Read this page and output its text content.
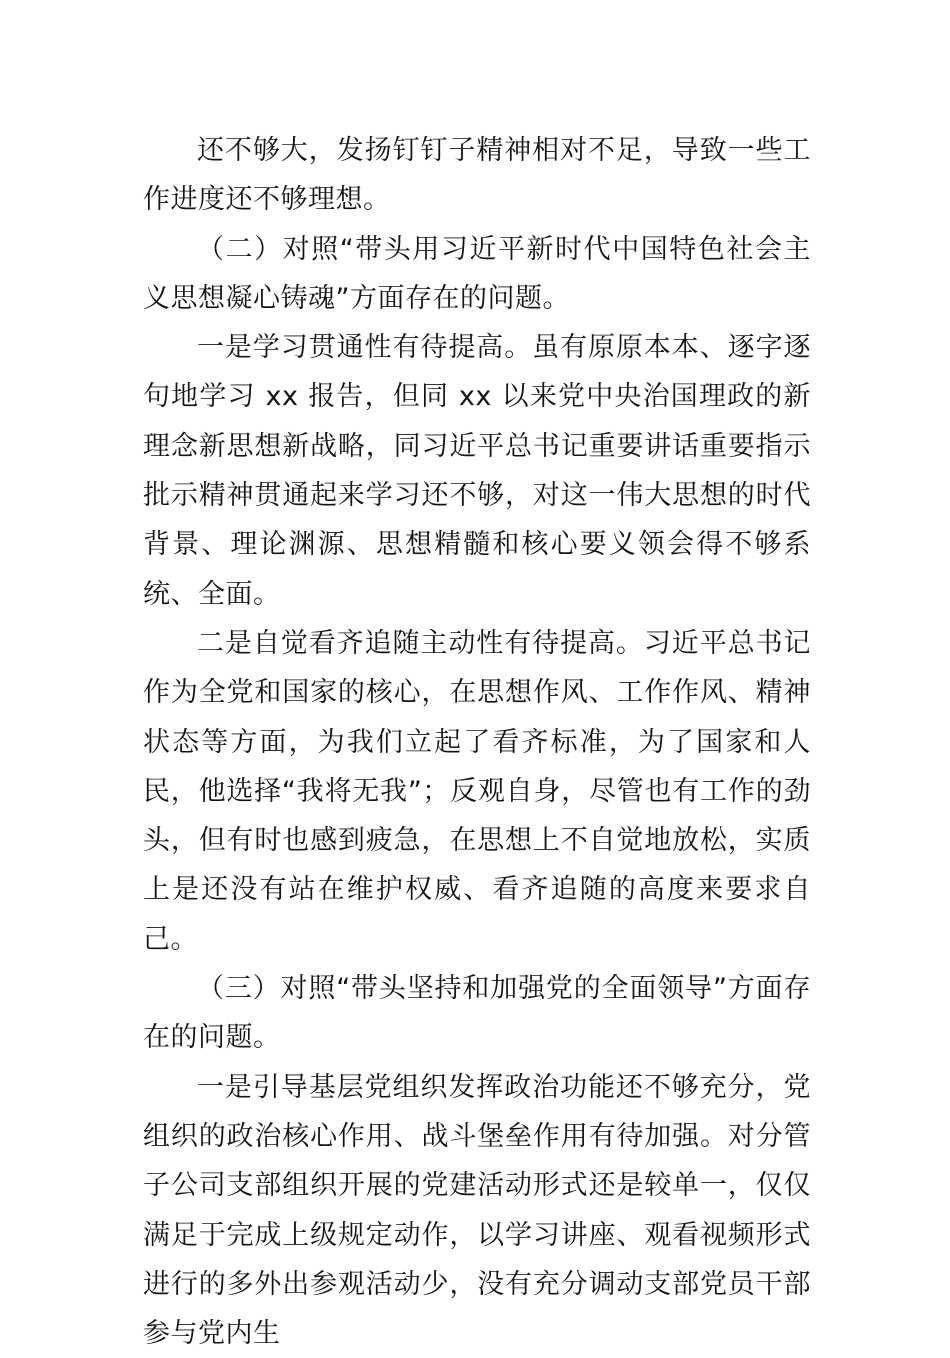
还不够大，发扬钉钉子精神相对不足，导致一些工作进度还不够理想。

（二）对照“带头用习近平新时代中国特色社会主义思想凝心铸魂”方面存在的问题。

一是学习贯通性有待提高。虽有原原本本、逐字逐句地学习 xx 报告，但同 xx 以来党中央治国理政的新理念新思想新战略，同习近平总书记重要讲话重要指示批示精神贯通起来学习还不够，对这一伟大思想的时代背景、理论渊源、思想精髓和核心要义领会得不够系统、全面。

二是自觉看齐追随主动性有待提高。习近平总书记作为全党和国家的核心，在思想作风、工作作风、精神状态等方面，为我们立起了看齐标准，为了国家和人民，他选择“我将无我”；反观自身，尽管也有工作的劲头，但有时也感到疲急，在思想上不自觉地放松，实质上是还没有站在维护权威、看齐追随的高度来要求自己。

（三）对照“带头坚持和加强党的全面领导”方面存在的问题。

一是引导基层党组织发挥政治功能还不够充分，党组织的政治核心作用、战斗堡垒作用有待加强。对分管子公司支部组织开展的党建活动形式还是较单一，仅仅满足于完成上级规定动作，以学习讲座、观看视频形式进行的多外出参观活动少，没有充分调动支部党员干部参与党内生
